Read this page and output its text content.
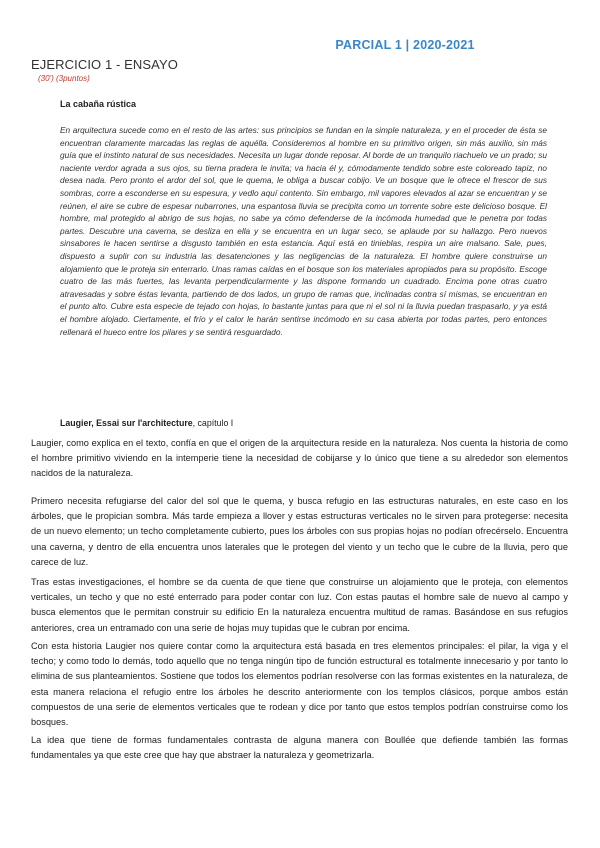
PARCIAL 1 | 2020-2021
EJERCICIO 1 - ENSAYO
(30') (3puntos)
La cabaña rústica
En arquitectura sucede como en el resto de las artes: sus principios se fundan en la simple naturaleza, y en el proceder de ésta se encuentran claramente marcadas las reglas de aquélla. Consideremos al hombre en su primitivo origen, sin más auxilio, sin más guía que el instinto natural de sus necesidades. Necesita un lugar donde reposar. Al borde de un tranquilo riachuelo ve un prado; su naciente verdor agrada a sus ojos, su tierna pradera le invita; va hacia él y, cómodamente tendido sobre este coloreado tapiz, no desea nada. Pero pronto el ardor del sol, que le quema, le obliga a buscar cobijo. Ve un bosque que le ofrece el frescor de sus sombras, corre a esconderse en su espesura, y vedlo aquí contento. Sin embargo, mil vapores elevados al azar se encuentran y se reúnen, el aire se cubre de espesar nubarrones, una espantosa lluvia se precipita como un torrente sobre este delicioso bosque. El hombre, mal protegido al abrigo de sus hojas, no sabe ya cómo defenderse de la incómoda humedad que le penetra por todas partes. Descubre una caverna, se desliza en ella y se encuentra en un lugar seco, se aplaude por su hallazgo. Pero nuevos sinsabores le hacen sentirse a disgusto también en esta estancia. Aquí está en tinieblas, respira un aire malsano. Sale, pues, dispuesto a suplir con su industria las desatenciones y las negligencias de la naturaleza. El hombre quiere construirse un alojamiento que le proteja sin enterrarlo. Unas ramas caídas en el bosque son los materiales apropiados para su propósito. Escoge cuatro de las más fuertes, las levanta perpendicularmente y las dispone formando un cuadrado. Encima pone otras cuatro atravesadas y sobre éstas levanta, partiendo de dos lados, un grupo de ramas que, inclinadas contra sí mismas, se encuentran en el punto alto. Cubre esta especie de tejado con hojas, lo bastante juntas para que ni el sol ni la lluvia puedan traspasarlo, y ya está el hombre alojado. Ciertamente, el frío y el calor le harán sentirse incómodo en su casa abierta por todas partes, pero entonces rellenará el hueco entre los pilares y se sentirá resguardado.
Laugier, Essai sur l'architecture, capítulo I

Laugier, como explica en el texto, confía en que el origen de la arquitectura reside en la naturaleza. Nos cuenta la historia de como el hombre primitivo viviendo en la intemperie tiene la necesidad de cobijarse y lo único que tiene a su alrededor son elementos nacidos de la naturaleza.

Primero necesita refugiarse del calor del sol que le quema, y busca refugio en las estructuras naturales, en este caso en los árboles, que le propician sombra. Más tarde empieza a llover y estas estructuras verticales no le sirven para protegerse: necesita de un nuevo elemento; un techo completamente cubierto, pues los árboles con sus propias hojas no podían ofrecérselo. Encuentra una caverna, y dentro de ella encuentra unos laterales que le protegen del viento y un techo que le cubre de la lluvia, pero que carece de luz.

Tras estas investigaciones, el hombre se da cuenta de que tiene que construirse un alojamiento que le proteja, con elementos verticales, un techo y que no esté enterrado para poder contar con luz. Con estas pautas el hombre sale de nuevo al campo y busca elementos que le permitan construir su edificio En la naturaleza encuentra multitud de ramas. Basándose en sus refugios anteriores, crea un entramado con una serie de hojas muy tupidas que le cubran por encima.

Con esta historia Laugier nos quiere contar como la arquitectura está basada en tres elementos principales: el pilar, la viga y el techo; y como todo lo demás, todo aquello que no tenga ningún tipo de función estructural es totalmente innecesario y por tanto lo elimina de sus planteamientos. Sostiene que todos los elementos podrían resolverse con las formas existentes en la naturaleza, de esta manera relaciona el refugio entre los árboles he descrito anteriormente con los templos clásicos, porque ambos están compuestos de una serie de elementos verticales que te rodean y dice por tanto que estos templos podrían construirse como los bosques.

La idea que tiene de formas fundamentales contrasta de alguna manera con Boullée que defiende también las formas fundamentales ya que este cree que hay que abstraer la naturaleza y geometrizarla.
